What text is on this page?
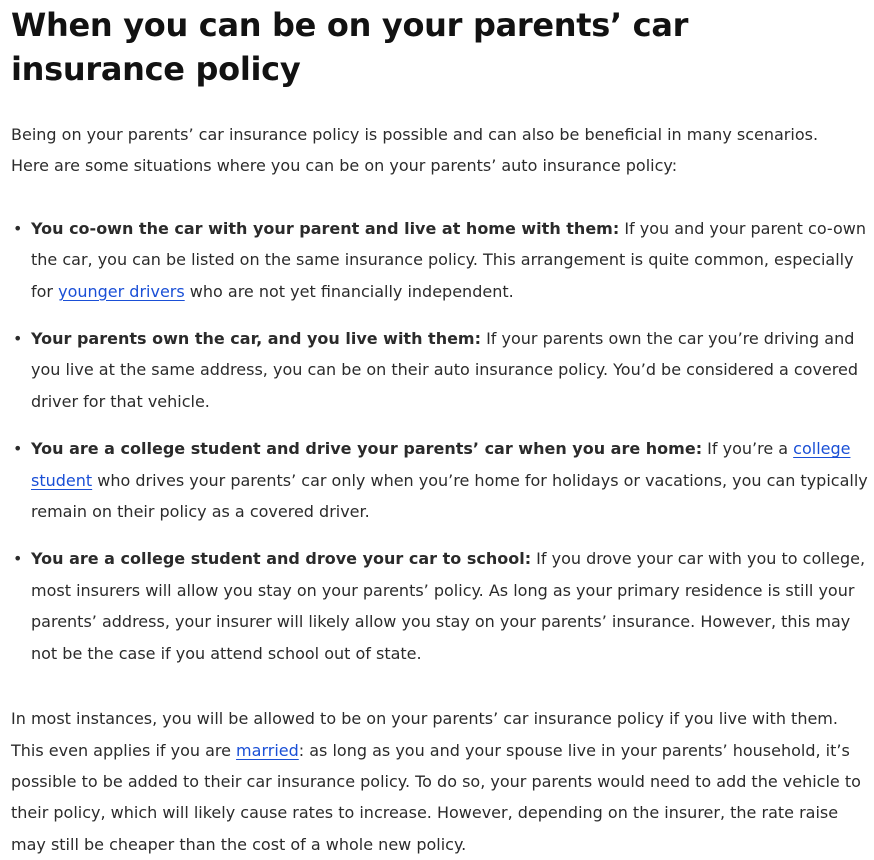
When you can be on your parents’ car insurance policy

Being on your parents’ car insurance policy is possible and can also be beneficial in many scenarios. Here are some situations where you can be on your parents’ auto insurance policy:

• You co-own the car with your parent and live at home with them: If you and your parent co-own the car, you can be listed on the same insurance policy. This arrangement is quite common, especially for younger drivers who are not yet financially independent.
• Your parents own the car, and you live with them: If your parents own the car you’re driving and you live at the same address, you can be on their auto insurance policy. You’d be considered a covered driver for that vehicle.
• You are a college student and drive your parents’ car when you are home: If you’re a college student who drives your parents’ car only when you’re home for holidays or vacations, you can typically remain on their policy as a covered driver.
• You are a college student and drove your car to school: If you drove your car with you to college, most insurers will allow you stay on your parents’ policy. As long as your primary residence is still your parents’ address, your insurer will likely allow you stay on your parents’ insurance. However, this may not be the case if you attend school out of state.

In most instances, you will be allowed to be on your parents’ car insurance policy if you live with them. This even applies if you are married: as long as you and your spouse live in your parents’ household, it’s possible to be added to their car insurance policy. To do so, your parents would need to add the vehicle to their policy, which will likely cause rates to increase. However, depending on the insurer, the rate raise may still be cheaper than the cost of a whole new policy.
